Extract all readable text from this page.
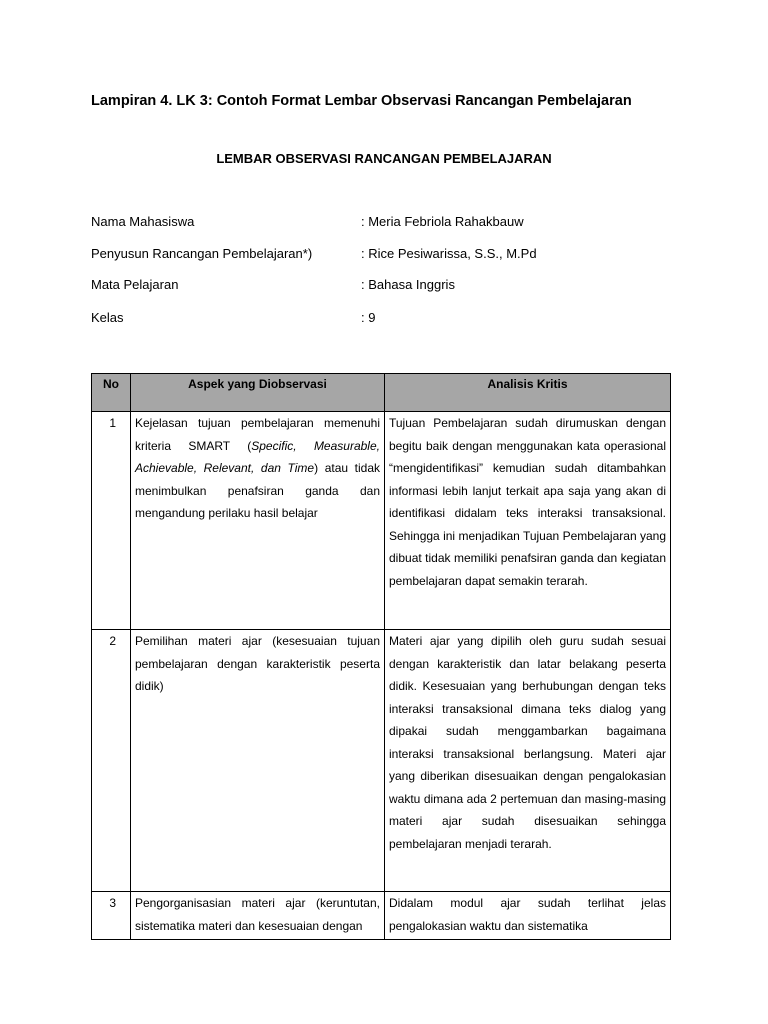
Lampiran 4. LK 3: Contoh Format Lembar Observasi Rancangan Pembelajaran
LEMBAR OBSERVASI RANCANGAN PEMBELAJARAN
Nama Mahasiswa	: Meria Febriola Rahakbauw
Penyusun Rancangan Pembelajaran*)	: Rice Pesiwarissa, S.S., M.Pd
Mata Pelajaran	: Bahasa Inggris
Kelas	: 9
No	Aspek yang Diobservasi	Analisis Kritis
1	Kejelasan tujuan pembelajaran memenuhi kriteria SMART (Specific, Measurable, Achievable, Relevant, dan Time) atau tidak menimbulkan penafsiran ganda dan mengandung perilaku hasil belajar	Tujuan Pembelajaran sudah dirumuskan dengan begitu baik dengan menggunakan kata operasional “mengidentifikasi” kemudian sudah ditambahkan informasi lebih lanjut terkait apa saja yang akan di identifikasi didalam teks interaksi transaksional. Sehingga ini menjadikan Tujuan Pembelajaran yang dibuat tidak memiliki penafsiran ganda dan kegiatan pembelajaran dapat semakin terarah.

2	Pemilihan materi ajar (kesesuaian tujuan pembelajaran dengan karakteristik peserta didik)	Materi ajar yang dipilih oleh guru sudah sesuai dengan karakteristik dan latar belakang peserta didik. Kesesuaian yang berhubungan dengan teks interaksi transaksional dimana teks dialog yang dipakai sudah menggambarkan bagaimana interaksi transaksional berlangsung. Materi ajar yang diberikan disesuaikan dengan pengalokasian waktu dimana ada 2 pertemuan dan masing-masing materi ajar sudah disesuaikan sehingga pembelajaran menjadi terarah.

3	Pengorganisasian materi ajar (keruntutan, sistematika materi dan kesesuaian dengan	Didalam modul ajar sudah terlihat jelas pengalokasian waktu dan sistematika
